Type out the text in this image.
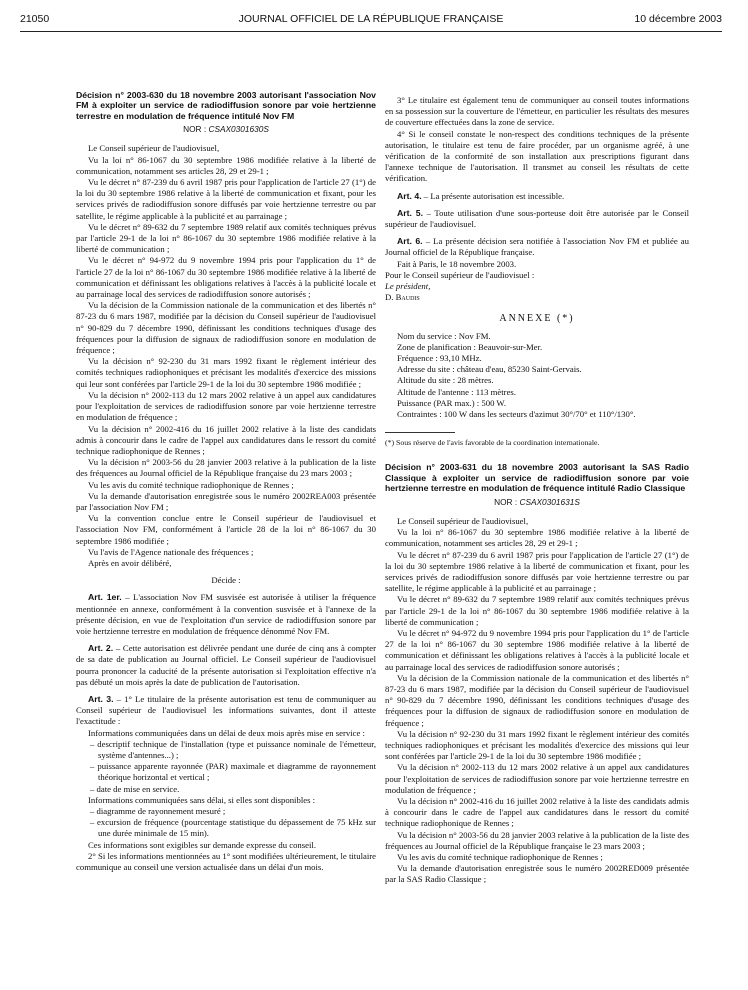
21050	JOURNAL OFFICIEL DE LA RÉPUBLIQUE FRANÇAISE	10 décembre 2003

Décision n° 2003-630 du 18 novembre 2003 autorisant l'association Nov FM à exploiter un service de radiodiffusion sonore par voie hertzienne terrestre en modulation de fréquence intitulé Nov FM

NOR : CSAX0301630S

Le Conseil supérieur de l'audiovisuel,

Vu la loi n° 86-1067 du 30 septembre 1986 modifiée relative à la liberté de communication, notamment ses articles 28, 29 et 29-1 ;

Vu le décret n° 87-239 du 6 avril 1987 pris pour l'application de l'article 27 (1°) de la loi du 30 septembre 1986 relative à la liberté de communication et fixant, pour les services privés de radiodiffusion sonore diffusés par voie hertzienne terrestre ou par satellite, le régime applicable à la publicité et au parrainage ;

Vu le décret n° 89-632 du 7 septembre 1989 relatif aux comités techniques prévus par l'article 29-1 de la loi n° 86-1067 du 30 septembre 1986 modifiée relative à la liberté de communication ;

Vu le décret n° 94-972 du 9 novembre 1994 pris pour l'application du 1° de l'article 27 de la loi n° 86-1067 du 30 septembre 1986 modifiée relative à la liberté de communication et définissant les obligations relatives à l'accès à la publicité locale et au parrainage local des services de radiodiffusion sonore autorisés ;

Vu la décision de la Commission nationale de la communication et des libertés n° 87-23 du 6 mars 1987, modifiée par la décision du Conseil supérieur de l'audiovisuel n° 90-829 du 7 décembre 1990, définissant les conditions techniques d'usage des fréquences pour la diffusion de signaux de radiodiffusion sonore en modulation de fréquence ;

Vu la décision n° 92-230 du 31 mars 1992 fixant le règlement intérieur des comités techniques radiophoniques et précisant les modalités d'exercice des missions qui leur sont conférées par l'article 29-1 de la loi du 30 septembre 1986 modifiée ;

Vu la décision n° 2002-113 du 12 mars 2002 relative à un appel aux candidatures pour l'exploitation de services de radiodiffusion sonore par voie hertzienne terrestre en modulation de fréquence ;

Vu la décision n° 2002-416 du 16 juillet 2002 relative à la liste des candidats admis à concourir dans le cadre de l'appel aux candidatures dans le ressort du comité technique radiophonique de Rennes ;

Vu la décision n° 2003-56 du 28 janvier 2003 relative à la publication de la liste des fréquences au Journal officiel de la République française du 23 mars 2003 ;

Vu les avis du comité technique radiophonique de Rennes ;

Vu la demande d'autorisation enregistrée sous le numéro 2002REA003 présentée par l'association Nov FM ;

Vu la convention conclue entre le Conseil supérieur de l'audiovisuel et l'association Nov FM, conformément à l'article 28 de la loi n° 86-1067 du 30 septembre 1986 modifiée ;

Vu l'avis de l'Agence nationale des fréquences ;

Après en avoir délibéré,

Décide :

Art. 1er. – L'association Nov FM susvisée est autorisée à utiliser la fréquence mentionnée en annexe, conformément à la convention susvisée et à l'annexe de la présente décision, en vue de l'exploitation d'un service de radiodiffusion sonore par voie hertzienne terrestre en modulation de fréquence dénommé Nov FM.

Art. 2. – Cette autorisation est délivrée pendant une durée de cinq ans à compter de sa date de publication au Journal officiel. Le Conseil supérieur de l'audiovisuel pourra prononcer la caducité de la présente autorisation si l'exploitation effective n'a pas débuté un mois après la date de publication de l'autorisation.

Art. 3. – 1° Le titulaire de la présente autorisation est tenu de communiquer au Conseil supérieur de l'audiovisuel les informations suivantes, dont il atteste l'exactitude :

Informations communiquées dans un délai de deux mois après mise en service :

– descriptif technique de l'installation (type et puissance nominale de l'émetteur, système d'antennes...) ;

– puissance apparente rayonnée (PAR) maximale et diagramme de rayonnement théorique horizontal et vertical ;

– date de mise en service.

Informations communiquées sans délai, si elles sont disponibles :

– diagramme de rayonnement mesuré ;

– excursion de fréquence (pourcentage statistique du dépassement de 75 kHz sur une durée minimale de 15 min).

Ces informations sont exigibles sur demande expresse du conseil.

2° Si les informations mentionnées au 1° sont modifiées ultérieurement, le titulaire communique au conseil une version actualisée dans un délai d'un mois.

3° Le titulaire est également tenu de communiquer au conseil toutes informations en sa possession sur la couverture de l'émetteur, en particulier les résultats des mesures de couverture effectuées dans la zone de service.

4° Si le conseil constate le non-respect des conditions techniques de la présente autorisation, le titulaire est tenu de faire procéder, par un organisme agréé, à une vérification de la conformité de son installation aux prescriptions figurant dans l'annexe technique de l'autorisation. Il transmet au conseil les résultats de cette vérification.

Art. 4. – La présente autorisation est incessible.

Art. 5. – Toute utilisation d'une sous-porteuse doit être autorisée par le Conseil supérieur de l'audiovisuel.

Art. 6. – La présente décision sera notifiée à l'association Nov FM et publiée au Journal officiel de la République française.

Fait à Paris, le 18 novembre 2003.

Pour le Conseil supérieur de l'audiovisuel :

Le président,

D. Baudis

ANNEXE (*)

Nom du service : Nov FM.

Zone de planification : Beauvoir-sur-Mer.

Fréquence : 93,10 MHz.

Adresse du site : château d'eau, 85230 Saint-Gervais.

Altitude du site : 28 mètres.

Altitude de l'antenne : 113 mètres.

Puissance (PAR max.) : 500 W.

Contraintes : 100 W dans les secteurs d'azimut 30°/70° et 110°/130°.

(*) Sous réserve de l'avis favorable de la coordination internationale.

Décision n° 2003-631 du 18 novembre 2003 autorisant la SAS Radio Classique à exploiter un service de radiodiffusion sonore par voie hertzienne terrestre en modulation de fréquence intitulé Radio Classique

NOR : CSAX0301631S

Le Conseil supérieur de l'audiovisuel,

Vu la loi n° 86-1067 du 30 septembre 1986 modifiée relative à la liberté de communication, notamment ses articles 28, 29 et 29-1 ;

Vu le décret n° 87-239 du 6 avril 1987 pris pour l'application de l'article 27 (1°) de la loi du 30 septembre 1986 relative à la liberté de communication et fixant, pour les services privés de radiodiffusion sonore diffusés par voie hertzienne terrestre ou par satellite, le régime applicable à la publicité et au parrainage ;

Vu le décret n° 89-632 du 7 septembre 1989 relatif aux comités techniques prévus par l'article 29-1 de la loi n° 86-1067 du 30 septembre 1986 modifiée relative à la liberté de communication ;

Vu le décret n° 94-972 du 9 novembre 1994 pris pour l'application du 1° de l'article 27 de la loi n° 86-1067 du 30 septembre 1986 modifiée relative à la liberté de communication et définissant les obligations relatives à l'accès à la publicité locale et au parrainage local des services de radiodiffusion sonore autorisés ;

Vu la décision de la Commission nationale de la communication et des libertés n° 87-23 du 6 mars 1987, modifiée par la décision du Conseil supérieur de l'audiovisuel n° 90-829 du 7 décembre 1990, définissant les conditions techniques d'usage des fréquences pour la diffusion de signaux de radiodiffusion sonore en modulation de fréquence ;

Vu la décision n° 92-230 du 31 mars 1992 fixant le règlement intérieur des comités techniques radiophoniques et précisant les modalités d'exercice des missions qui leur sont conférées par l'article 29-1 de la loi du 30 septembre 1986 modifiée ;

Vu la décision n° 2002-113 du 12 mars 2002 relative à un appel aux candidatures pour l'exploitation de services de radiodiffusion sonore par voie hertzienne terrestre en modulation de fréquence ;

Vu la décision n° 2002-416 du 16 juillet 2002 relative à la liste des candidats admis à concourir dans le cadre de l'appel aux candidatures dans le ressort du comité technique radiophonique de Rennes ;

Vu la décision n° 2003-56 du 28 janvier 2003 relative à la publication de la liste des fréquences au Journal officiel de la République française le 23 mars 2003 ;

Vu les avis du comité technique radiophonique de Rennes ;

Vu la demande d'autorisation enregistrée sous le numéro 2002RED009 présentée par la SAS Radio Classique ;
